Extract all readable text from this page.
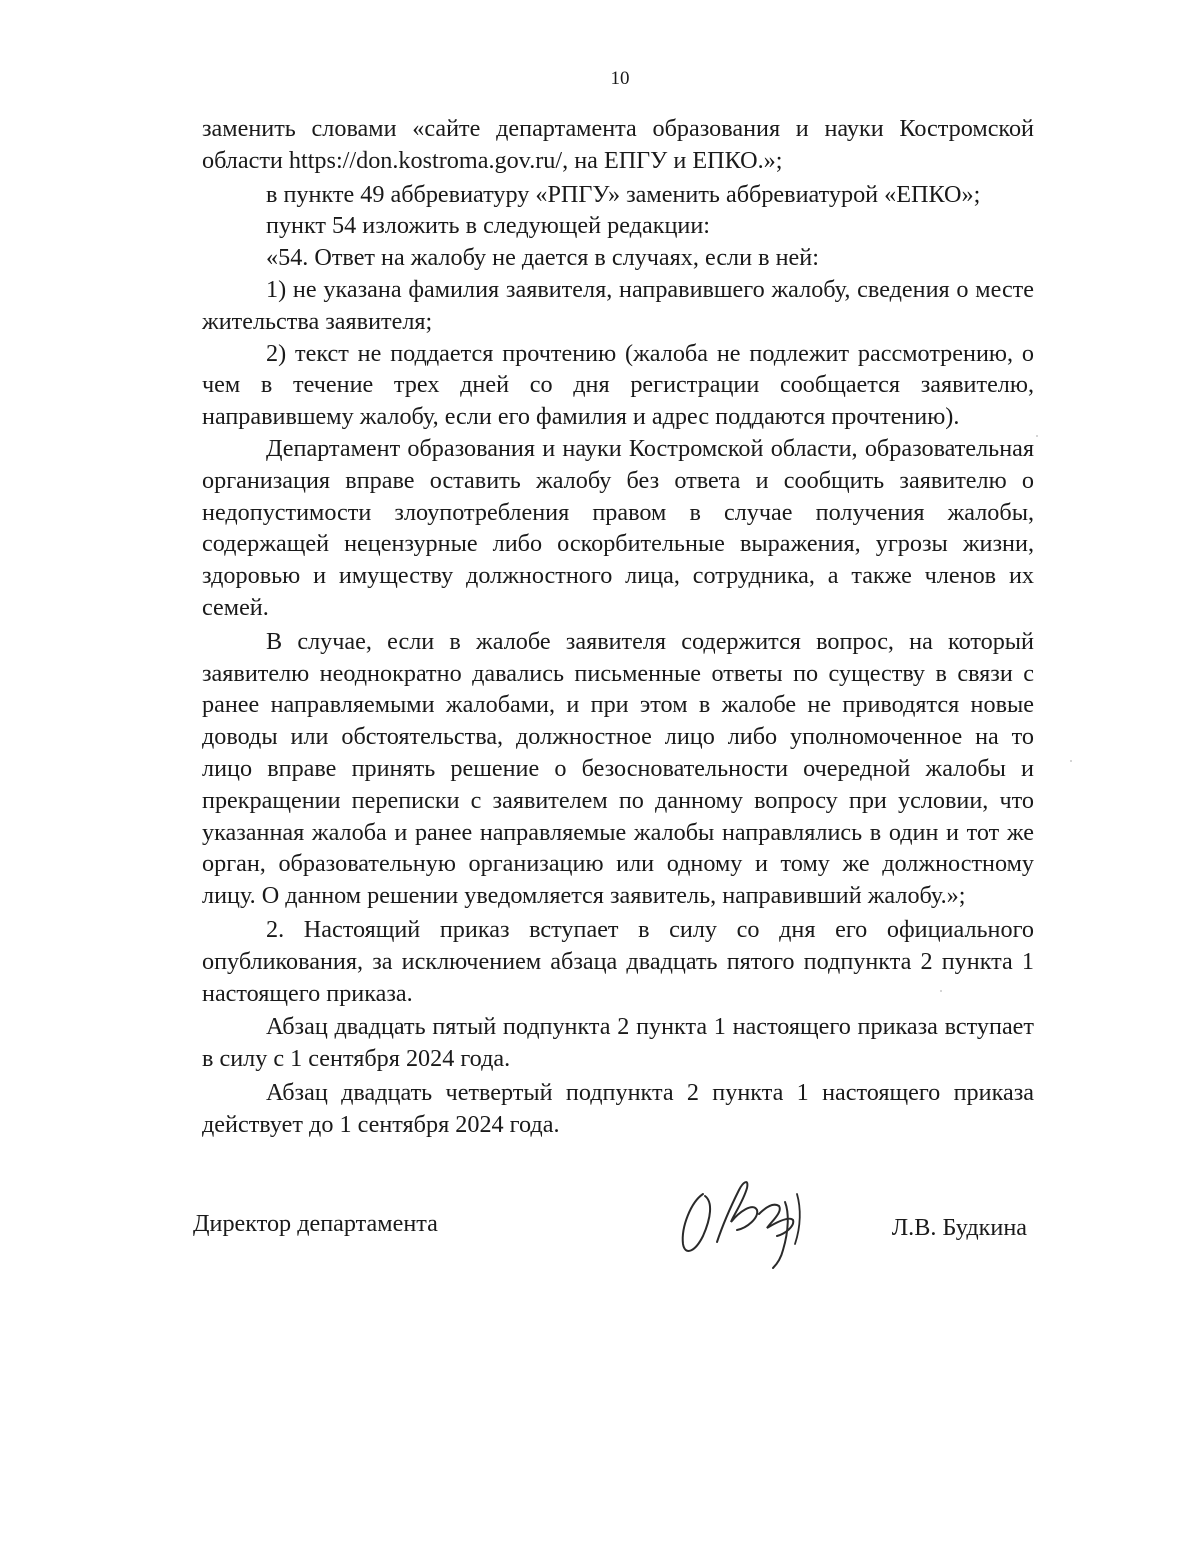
10

заменить словами «сайте департамента образования и науки Костромской области https://don.kostroma.gov.ru/, на ЕПГУ и ЕПКО.»;

в пункте 49 аббревиатуру «РПГУ» заменить аббревиатурой «ЕПКО»;

пункт 54 изложить в следующей редакции:

«54. Ответ на жалобу не дается в случаях, если в ней:

1) не указана фамилия заявителя, направившего жалобу, сведения о месте жительства заявителя;

2) текст не поддается прочтению (жалоба не подлежит рассмотрению, о чем в течение трех дней со дня регистрации сообщается заявителю, направившему жалобу, если его фамилия и адрес поддаются прочтению).

Департамент образования и науки Костромской области, образовательная организация вправе оставить жалобу без ответа и сообщить заявителю о недопустимости злоупотребления правом в случае получения жалобы, содержащей нецензурные либо оскорбительные выражения, угрозы жизни, здоровью и имуществу должностного лица, сотрудника, а также членов их семей.

В случае, если в жалобе заявителя содержится вопрос, на который заявителю неоднократно давались письменные ответы по существу в связи с ранее направляемыми жалобами, и при этом в жалобе не приводятся новые доводы или обстоятельства, должностное лицо либо уполномоченное на то лицо вправе принять решение о безосновательности очередной жалобы и прекращении переписки с заявителем по данному вопросу при условии, что указанная жалоба и ранее направляемые жалобы направлялись в один и тот же орган, образовательную организацию или одному и тому же должностному лицу. О данном решении уведомляется заявитель, направивший жалобу.»;

2. Настоящий приказ вступает в силу со дня его официального опубликования, за исключением абзаца двадцать пятого подпункта 2 пункта 1 настоящего приказа.

Абзац двадцать пятый подпункта 2 пункта 1 настоящего приказа вступает в силу с 1 сентября 2024 года.

Абзац двадцать четвертый подпункта 2 пункта 1 настоящего приказа действует до 1 сентября 2024 года.

Директор департамента	Л.В. Будкина
